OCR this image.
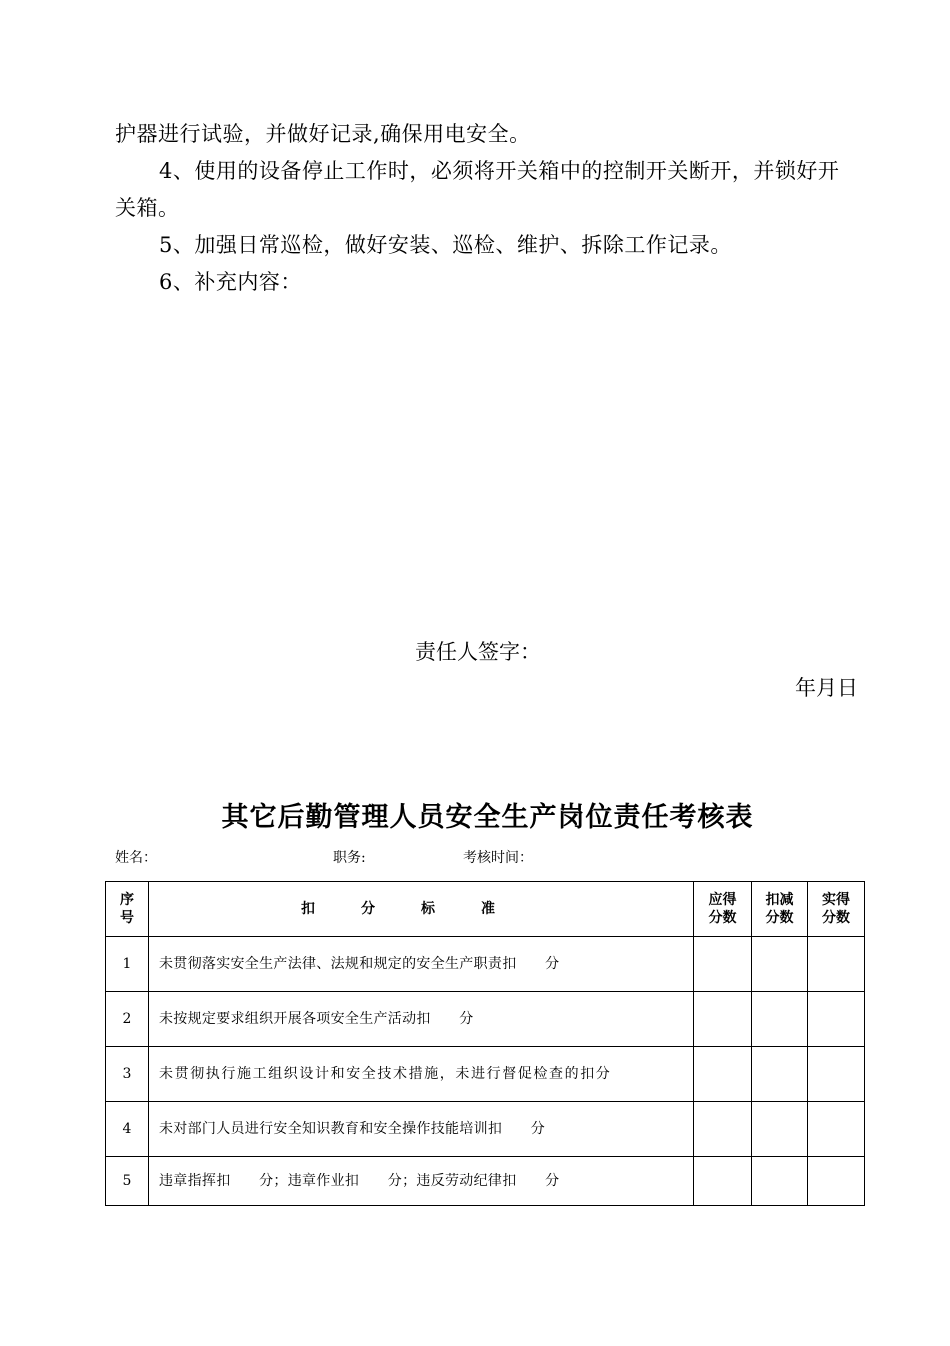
护器进行试验，并做好记录,确保用电安全。

4、使用的设备停止工作时，必须将开关箱中的控制开关断开，并锁好开关箱。

5、加强日常巡检，做好安装、巡检、维护、拆除工作记录。

6、补充内容：

责任人签字：
年月日
其它后勤管理人员安全生产岗位责任考核表
姓名：	职务:	考核时间：
序号	扣分标准	应得分数	扣减分数	实得分数

1	未贯彻落实安全生产法律、法规和规定的安全生产职责扣　　分			
2	未按规定要求组织开展各项安全生产活动扣　　分			
3	未贯彻执行施工组织设计和安全技术措施，未进行督促检查的扣分			
4	未对部门人员进行安全知识教育和安全操作技能培训扣　　分			
5	违章指挥扣　　分；违章作业扣　　分；违反劳动纪律扣　　分			
